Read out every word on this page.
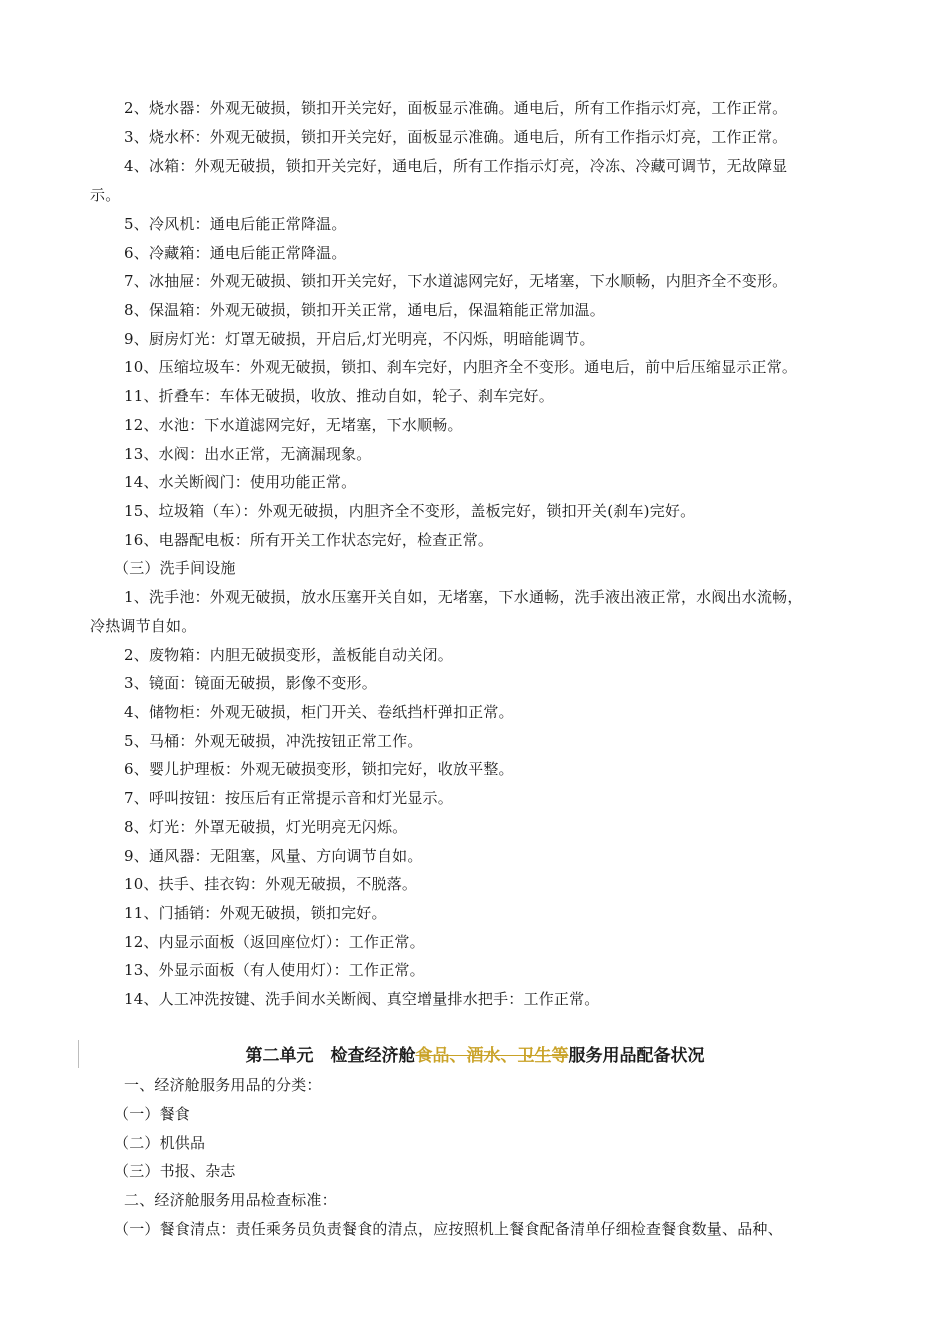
2、烧水器：外观无破损，锁扣开关完好，面板显示准确。通电后，所有工作指示灯亮，工作正常。
3、烧水杯：外观无破损，锁扣开关完好，面板显示准确。通电后，所有工作指示灯亮，工作正常。
4、冰箱：外观无破损，锁扣开关完好，通电后，所有工作指示灯亮，冷冻、冷藏可调节，无故障显
示。
5、冷风机：通电后能正常降温。
6、冷藏箱：通电后能正常降温。
7、冰抽屉：外观无破损、锁扣开关完好，下水道滤网完好，无堵塞，下水顺畅，内胆齐全不变形。
8、保温箱：外观无破损，锁扣开关正常，通电后，保温箱能正常加温。
9、厨房灯光：灯罩无破损，开启后,灯光明亮，不闪烁，明暗能调节。
10、压缩垃圾车：外观无破损，锁扣、刹车完好，内胆齐全不变形。通电后，前中后压缩显示正常。
11、折叠车：车体无破损，收放、推动自如，轮子、刹车完好。
12、水池：下水道滤网完好，无堵塞，下水顺畅。
13、水阀：出水正常，无滴漏现象。
14、水关断阀门：使用功能正常。
15、垃圾箱（车）：外观无破损，内胆齐全不变形，盖板完好，锁扣开关(刹车)完好。
16、电器配电板：所有开关工作状态完好，检查正常。
（三）洗手间设施
1、洗手池：外观无破损，放水压塞开关自如，无堵塞，下水通畅，洗手液出液正常，水阀出水流畅，
冷热调节自如。
2、废物箱：内胆无破损变形，盖板能自动关闭。
3、镜面：镜面无破损，影像不变形。
4、储物柜：外观无破损，柜门开关、卷纸挡杆弹扣正常。
5、马桶：外观无破损，冲洗按钮正常工作。
6、婴儿护理板：外观无破损变形，锁扣完好，收放平整。
7、呼叫按钮：按压后有正常提示音和灯光显示。
8、灯光：外罩无破损，灯光明亮无闪烁。
9、通风器：无阻塞，风量、方向调节自如。
10、扶手、挂衣钩：外观无破损，不脱落。
11、门插销：外观无破损，锁扣完好。
12、内显示面板（返回座位灯）：工作正常。
13、外显示面板（有人使用灯）：工作正常。
14、人工冲洗按键、洗手间水关断阀、真空增量排水把手：工作正常。
第二单元　检查经济舱食品、酒水、卫生等服务用品配备状况
一、经济舱服务用品的分类：
（一）餐食
（二）机供品
（三）书报、杂志
二、经济舱服务用品检查标准：
（一）餐食清点：责任乘务员负责餐食的清点，应按照机上餐食配备清单仔细检查餐食数量、品种、
